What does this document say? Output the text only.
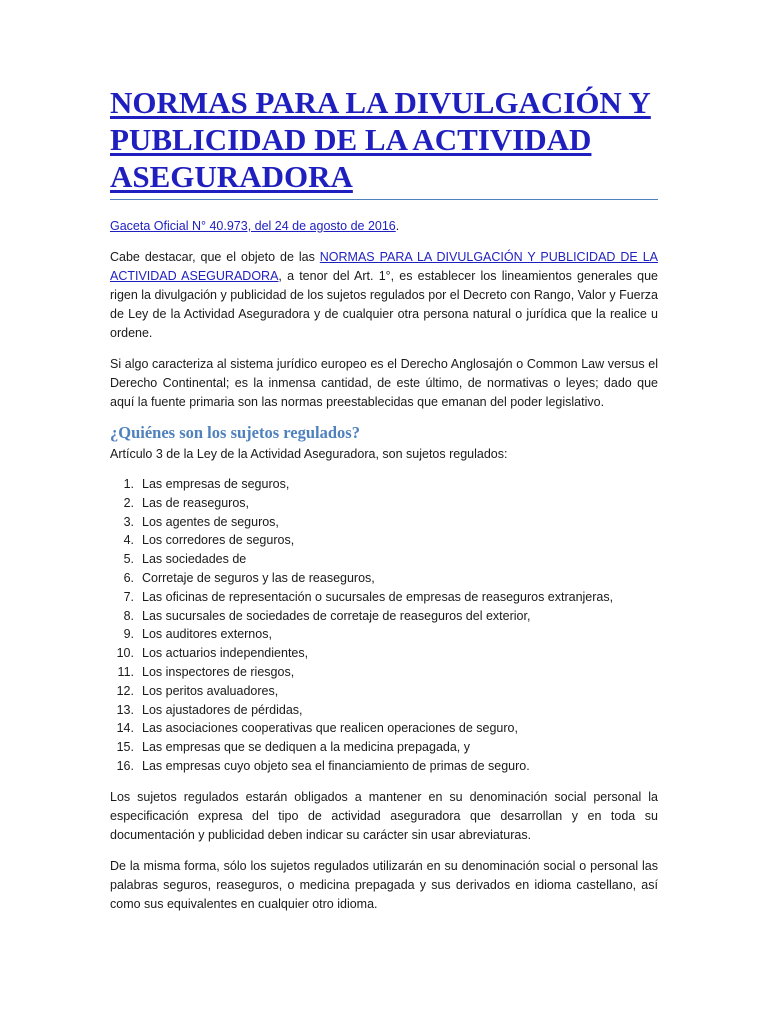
NORMAS PARA LA DIVULGACIÓN Y PUBLICIDAD DE LA ACTIVIDAD ASEGURADORA

Gaceta Oficial N° 40.973, del 24 de agosto de 2016.

Cabe destacar, que el objeto de las NORMAS PARA LA DIVULGACIÓN Y PUBLICIDAD DE LA ACTIVIDAD ASEGURADORA, a tenor del Art. 1°, es establecer los lineamientos generales que rigen la divulgación y publicidad de los sujetos regulados por el Decreto con Rango, Valor y Fuerza de Ley de la Actividad Aseguradora y de cualquier otra persona natural o jurídica que la realice u ordene.

Si algo caracteriza al sistema jurídico europeo es el Derecho Anglosajón o Common Law versus el Derecho Continental; es la inmensa cantidad, de este último, de normativas o leyes; dado que aquí la fuente primaria son las normas preestablecidas que emanan del poder legislativo.

¿Quiénes son los sujetos regulados?

Artículo 3 de la Ley de la Actividad Aseguradora, son sujetos regulados:

1. Las empresas de seguros,
2. Las de reaseguros,
3. Los agentes de seguros,
4. Los corredores de seguros,
5. Las sociedades de
6. Corretaje de seguros y las de reaseguros,
7. Las oficinas de representación o sucursales de empresas de reaseguros extranjeras,
8. Las sucursales de sociedades de corretaje de reaseguros del exterior,
9. Los auditores externos,
10. Los actuarios independientes,
11. Los inspectores de riesgos,
12. Los peritos avaluadores,
13. Los ajustadores de pérdidas,
14. Las asociaciones cooperativas que realicen operaciones de seguro,
15. Las empresas que se dediquen a la medicina prepagada, y
16. Las empresas cuyo objeto sea el financiamiento de primas de seguro.

Los sujetos regulados estarán obligados a mantener en su denominación social personal la especificación expresa del tipo de actividad aseguradora que desarrollan y en toda su documentación y publicidad deben indicar su carácter sin usar abreviaturas.

De la misma forma, sólo los sujetos regulados utilizarán en su denominación social o personal las palabras seguros, reaseguros, o medicina prepagada y sus derivados en idioma castellano, así como sus equivalentes en cualquier otro idioma.
